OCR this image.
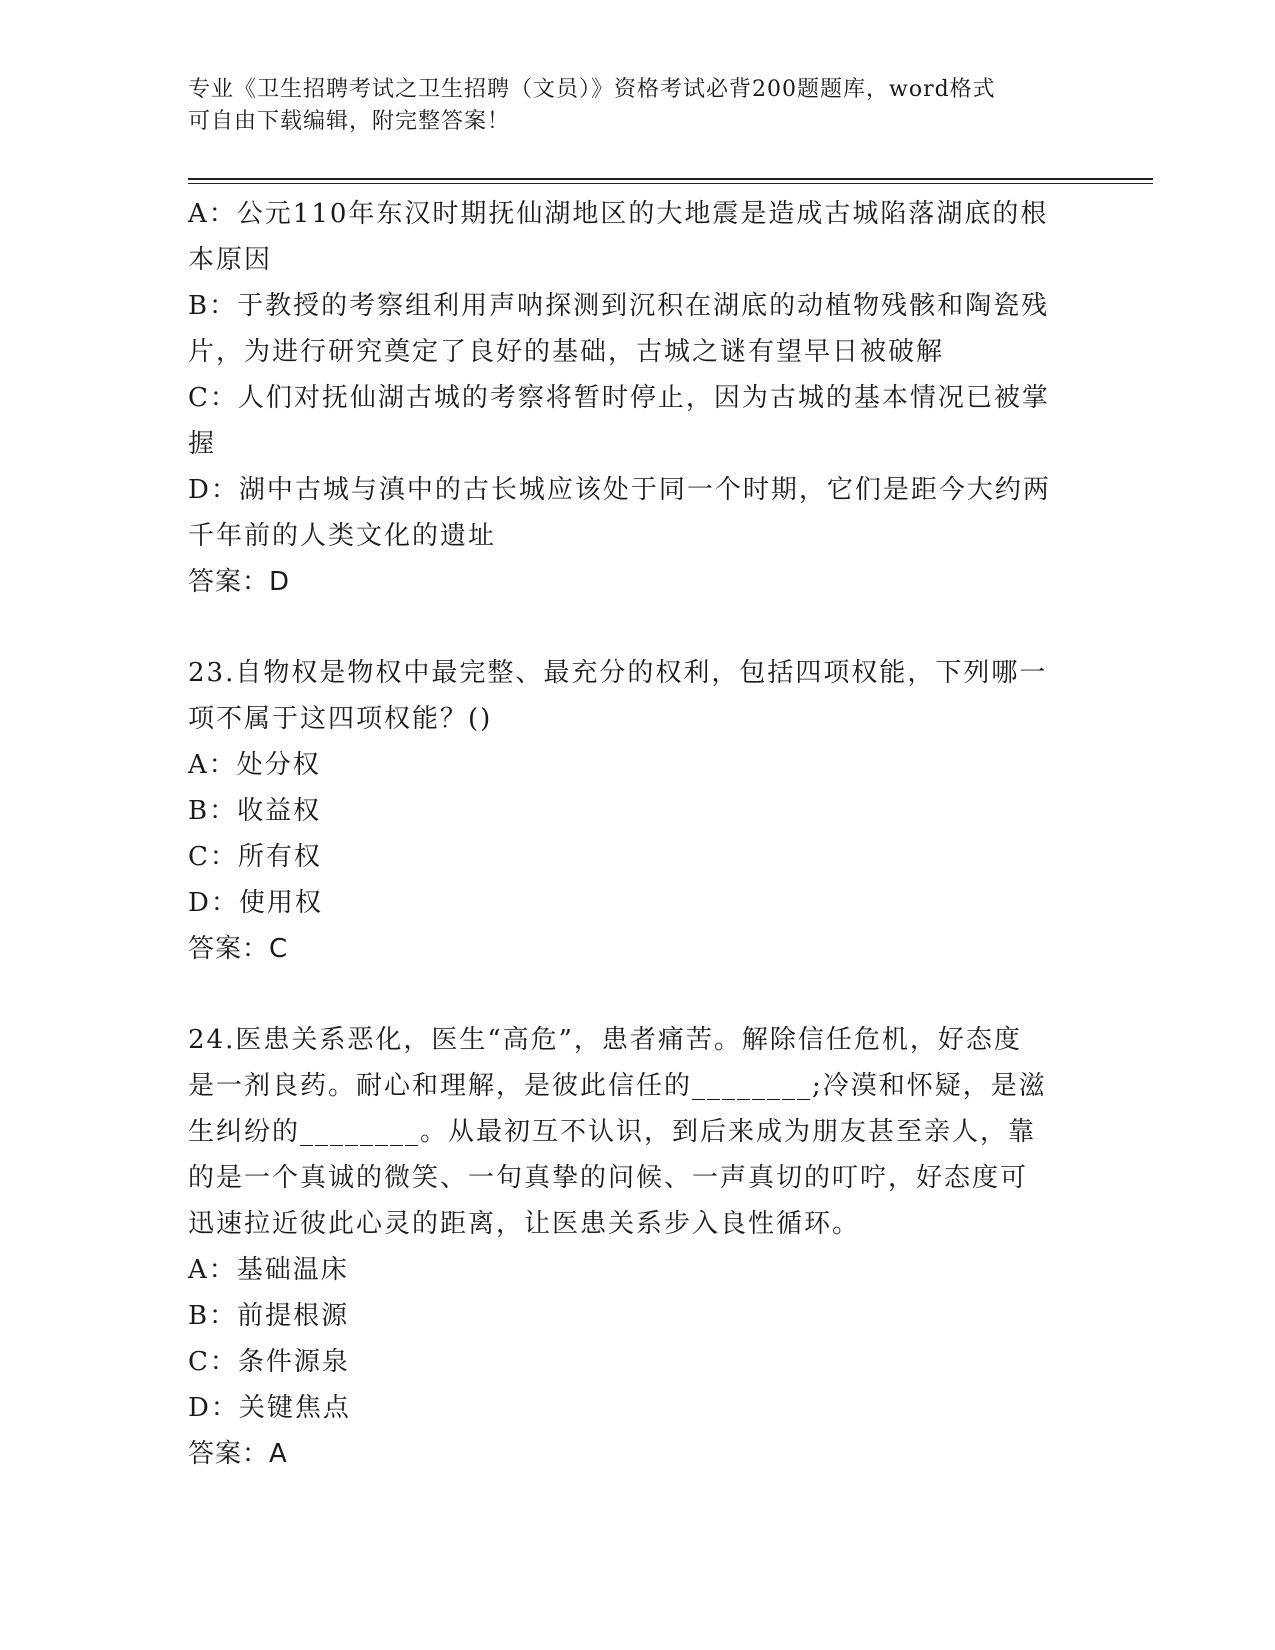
专业《卫生招聘考试之卫生招聘（文员）》资格考试必背200题题库，word格式
可自由下载编辑，附完整答案！
A：公元110年东汉时期抚仙湖地区的大地震是造成古城陷落湖底的根
本原因
B：于教授的考察组利用声呐探测到沉积在湖底的动植物残骸和陶瓷残
片，为进行研究奠定了良好的基础，古城之谜有望早日被破解
C：人们对抚仙湖古城的考察将暂时停止，因为古城的基本情况已被掌
握
D：湖中古城与滇中的古长城应该处于同一个时期，它们是距今大约两
千年前的人类文化的遗址
答案：D
23.自物权是物权中最完整、最充分的权利，包括四项权能，下列哪一
项不属于这四项权能？()
A：处分权
B：收益权
C：所有权
D：使用权
答案：C
24.医患关系恶化，医生“高危”，患者痛苦。解除信任危机，好态度
是一剂良药。耐心和理解，是彼此信任的________;冷漠和怀疑，是滋
生纠纷的________。从最初互不认识，到后来成为朋友甚至亲人，靠
的是一个真诚的微笑、一句真挚的问候、一声真切的叮咛，好态度可
迅速拉近彼此心灵的距离，让医患关系步入良性循环。
A：基础温床
B：前提根源
C：条件源泉
D：关键焦点
答案：A
